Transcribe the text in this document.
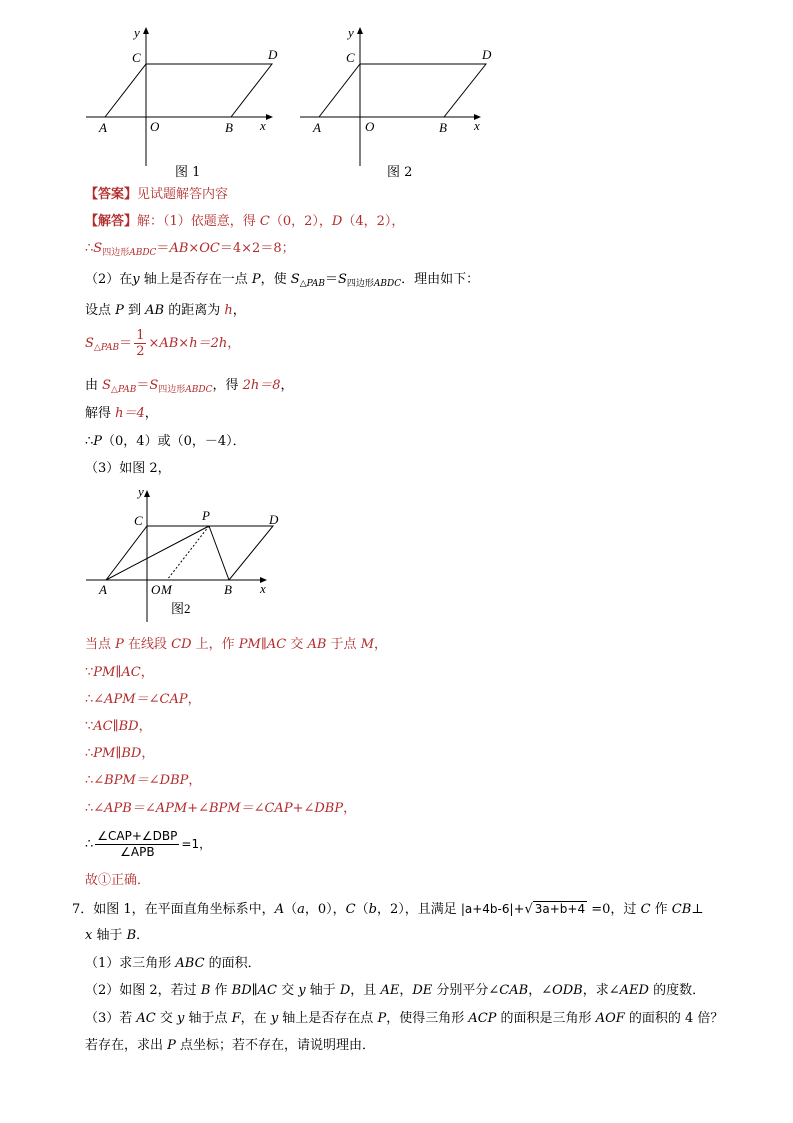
y
C	D
A	O	B x
图 1
y
C	D
A	O	B x
图 2
【答案】见试题解答内容
【解答】解：（1）依题意，得 C（0，2），D（4，2），
$\therefore S_{四边形ABDC}=AB\times OC=4\times 2=8$；
（2）在y 轴上是否存在一点 P，使 $S_{\triangle PAB}=S_{四边形ABDC}$．理由如下：
设点 P 到 AB 的距离为 h，
$S_{\triangle PAB}= \frac{1}{2} \times AB\times h=2h$，
由 $S_{\triangle PAB}=S_{四边形ABDC}$，得 2h＝8，
解得 h＝4，
∴P（0，4）或（0，－4）．
（3）如图 2，
y
C	P	D
A	O M	B x
图2
当点 P 在线段 CD 上，作 PM∥AC 交 AB 于点 M，
∵PM∥AC，
∴∠APM＝∠CAP，
∵AC∥BD，
∴PM∥BD，
∴∠BPM＝∠DBP，
∴∠APB＝∠APM+∠BPM＝∠CAP+∠DBP，
∴ $\frac{\text{∠CAP+∠DBP}}{\text{∠APB}} =1$，
故①正确．
7．如图 1，在平面直角坐标系中，A（a，0），C（b，2），且满足 |a+4b-6|+√ 3a+b+4 =0，过 C 作 CB⊥
x 轴于 B．
（1）求三角形 ABC 的面积．
（2）如图 2，若过 B 作 BD∥AC 交 y 轴于 D，且 AE，DE 分别平分∠CAB，∠ODB，求∠AED 的度数．
（3）若 AC 交 y 轴于点 F，在 y 轴上是否存在点 P，使得三角形 ACP 的面积是三角形 AOF 的面积的 4 倍？
若存在，求出 P 点坐标；若不存在，请说明理由．
